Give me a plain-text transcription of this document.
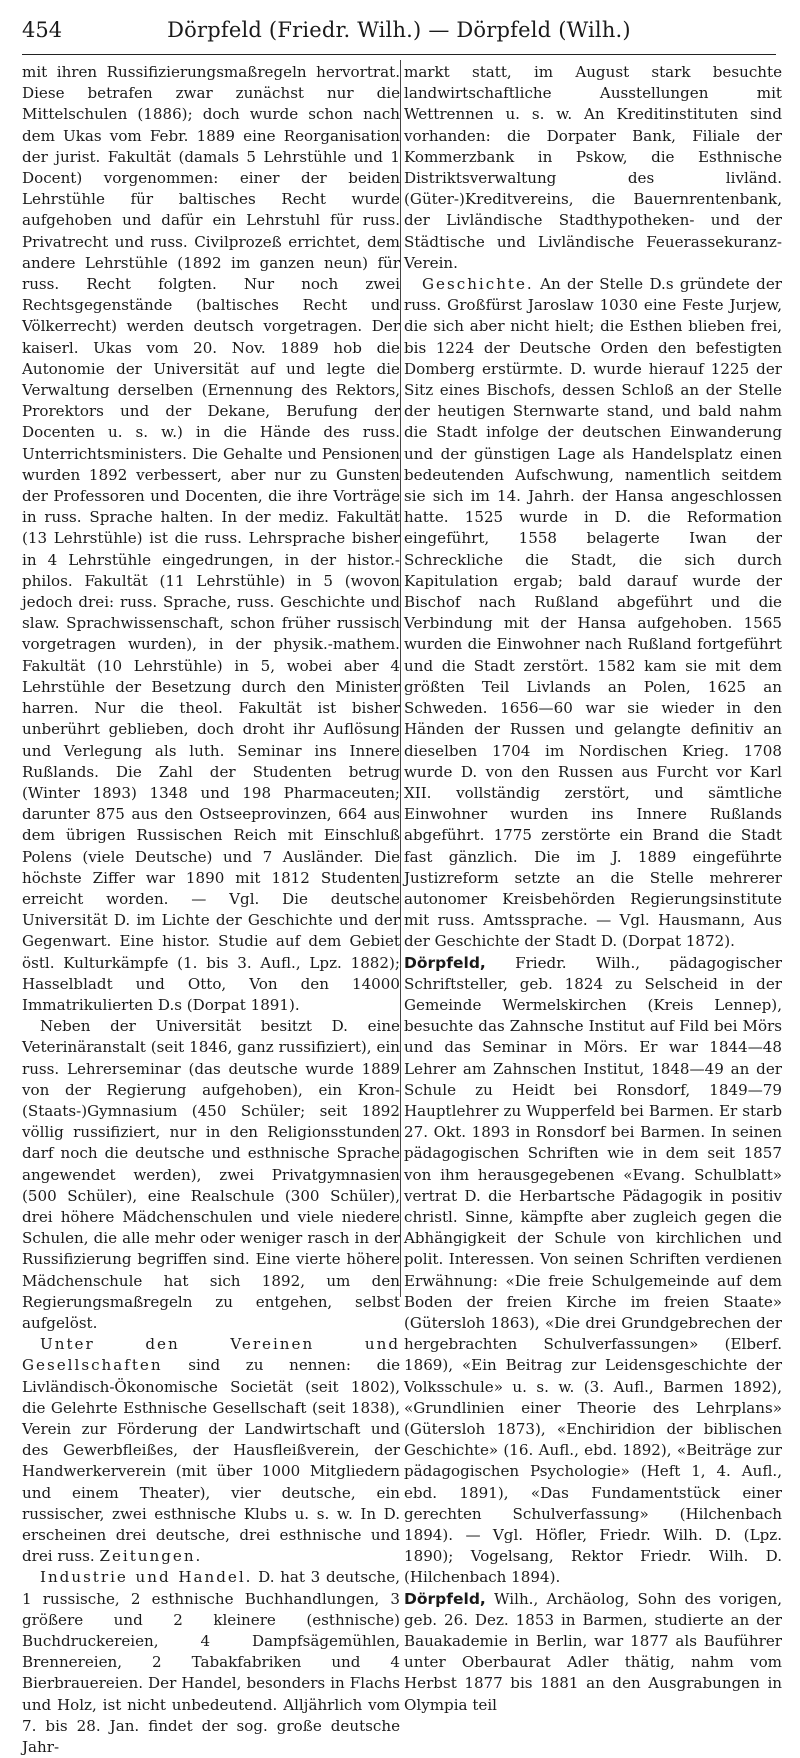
454	Dörpfeld (Friedr. Wilh.) — Dörpfeld (Wilh.)

mit ihren Russifizierungsmaßregeln hervortrat. Diese betrafen zwar zunächst nur die Mittelschulen (1886); doch wurde schon nach dem Ukas vom Febr. 1889 eine Reorganisation der jurist. Fakultät (damals 5 Lehrstühle und 1 Docent) vorgenommen: einer der beiden Lehrstühle für baltisches Recht wurde aufgehoben und dafür ein Lehrstuhl für russ. Privatrecht und russ. Civilprozeß errichtet, dem andere Lehrstühle (1892 im ganzen neun) für russ. Recht folgten. Nur noch zwei Rechtsgegenstände (baltisches Recht und Völkerrecht) werden deutsch vorgetragen. Der kaiserl. Ukas vom 20. Nov. 1889 hob die Autonomie der Universität auf und legte die Verwaltung derselben (Ernennung des Rektors, Prorektors und der Dekane, Berufung der Docenten u. s. w.) in die Hände des russ. Unterrichtsministers. Die Gehalte und Pensionen wurden 1892 verbessert, aber nur zu Gunsten der Professoren und Docenten, die ihre Vorträge in russ. Sprache halten. In der mediz. Fakultät (13 Lehrstühle) ist die russ. Lehrsprache bisher in 4 Lehrstühle eingedrungen, in der histor.-philos. Fakultät (11 Lehrstühle) in 5 (wovon jedoch drei: russ. Sprache, russ. Geschichte und slaw. Sprachwissenschaft, schon früher russisch vorgetragen wurden), in der physik.-mathem. Fakultät (10 Lehrstühle) in 5, wobei aber 4 Lehrstühle der Besetzung durch den Minister harren. Nur die theol. Fakultät ist bisher unberührt geblieben, doch droht ihr Auflösung und Verlegung als luth. Seminar ins Innere Rußlands. Die Zahl der Studenten betrug (Winter 1893) 1348 und 198 Pharmaceuten; darunter 875 aus den Ostseeprovinzen, 664 aus dem übrigen Russischen Reich mit Einschluß Polens (viele Deutsche) und 7 Ausländer. Die höchste Ziffer war 1890 mit 1812 Studenten erreicht worden. — Vgl. Die deutsche Universität D. im Lichte der Geschichte und der Gegenwart. Eine histor. Studie auf dem Gebiet östl. Kulturkämpfe (1. bis 3. Aufl., Lpz. 1882); Hasselbladt und Otto, Von den 14000 Immatrikulierten D.s (Dorpat 1891).

Neben der Universität besitzt D. eine Veterinäranstalt (seit 1846, ganz russifiziert), ein russ. Lehrerseminar (das deutsche wurde 1889 von der Regierung aufgehoben), ein Kron-(Staats-)Gymnasium (450 Schüler; seit 1892 völlig russifiziert, nur in den Religionsstunden darf noch die deutsche und esthnische Sprache angewendet werden), zwei Privatgymnasien (500 Schüler), eine Realschule (300 Schüler), drei höhere Mädchenschulen und viele niedere Schulen, die alle mehr oder weniger rasch in der Russifizierung begriffen sind. Eine vierte höhere Mädchenschule hat sich 1892, um den Regierungsmaßregeln zu entgehen, selbst aufgelöst.

Unter den Vereinen und Gesellschaften sind zu nennen: die Livländisch-Ökonomische Societät (seit 1802), die Gelehrte Esthnische Gesellschaft (seit 1838), Verein zur Förderung der Landwirtschaft und des Gewerbfleißes, der Hausfleißverein, der Handwerkerverein (mit über 1000 Mitgliedern und einem Theater), vier deutsche, ein russischer, zwei esthnische Klubs u. s. w. In D. erscheinen drei deutsche, drei esthnische und drei russ. Zeitungen.

Industrie und Handel. D. hat 3 deutsche, 1 russische, 2 esthnische Buchhandlungen, 3 größere und 2 kleinere (esthnische) Buchdruckereien, 4 Dampfsägemühlen, Brennereien, 2 Tabakfabriken und 4 Bierbrauereien. Der Handel, besonders in Flachs und Holz, ist nicht unbedeutend. Alljährlich vom 7. bis 28. Jan. findet der sog. große deutsche Jahr-

markt statt, im August stark besuchte landwirtschaftliche Ausstellungen mit Wettrennen u. s. w. An Kreditinstituten sind vorhanden: die Dorpater Bank, Filiale der Kommerzbank in Pskow, die Esthnische Distriktsverwaltung des livländ. (Güter-)Kreditvereins, die Bauernrentenbank, der Livländische Stadthypotheken- und der Städtische und Livländische Feuerassekuranz-Verein.

Geschichte. An der Stelle D.s gründete der russ. Großfürst Jaroslaw 1030 eine Feste Jurjew, die sich aber nicht hielt; die Esthen blieben frei, bis 1224 der Deutsche Orden den befestigten Domberg erstürmte. D. wurde hierauf 1225 der Sitz eines Bischofs, dessen Schloß an der Stelle der heutigen Sternwarte stand, und bald nahm die Stadt infolge der deutschen Einwanderung und der günstigen Lage als Handelsplatz einen bedeutenden Aufschwung, namentlich seitdem sie sich im 14. Jahrh. der Hansa angeschlossen hatte. 1525 wurde in D. die Reformation eingeführt, 1558 belagerte Iwan der Schreckliche die Stadt, die sich durch Kapitulation ergab; bald darauf wurde der Bischof nach Rußland abgeführt und die Verbindung mit der Hansa aufgehoben. 1565 wurden die Einwohner nach Rußland fortgeführt und die Stadt zerstört. 1582 kam sie mit dem größten Teil Livlands an Polen, 1625 an Schweden. 1656—60 war sie wieder in den Händen der Russen und gelangte definitiv an dieselben 1704 im Nordischen Krieg. 1708 wurde D. von den Russen aus Furcht vor Karl XII. vollständig zerstört, und sämtliche Einwohner wurden ins Innere Rußlands abgeführt. 1775 zerstörte ein Brand die Stadt fast gänzlich. Die im J. 1889 eingeführte Justizreform setzte an die Stelle mehrerer autonomer Kreisbehörden Regierungsinstitute mit russ. Amtssprache. — Vgl. Hausmann, Aus der Geschichte der Stadt D. (Dorpat 1872).

Dörpfeld, Friedr. Wilh., pädagogischer Schriftsteller, geb. 1824 zu Selscheid in der Gemeinde Wermelskirchen (Kreis Lennep), besuchte das Zahnsche Institut auf Fild bei Mörs und das Seminar in Mörs. Er war 1844—48 Lehrer am Zahnschen Institut, 1848—49 an der Schule zu Heidt bei Ronsdorf, 1849—79 Hauptlehrer zu Wupperfeld bei Barmen. Er starb 27. Okt. 1893 in Ronsdorf bei Barmen. In seinen pädagogischen Schriften wie in dem seit 1857 von ihm herausgegebenen «Evang. Schulblatt» vertrat D. die Herbartsche Pädagogik in positiv christl. Sinne, kämpfte aber zugleich gegen die Abhängigkeit der Schule von kirchlichen und polit. Interessen. Von seinen Schriften verdienen Erwähnung: «Die freie Schulgemeinde auf dem Boden der freien Kirche im freien Staate» (Gütersloh 1863), «Die drei Grundgebrechen der hergebrachten Schulverfassungen» (Elberf. 1869), «Ein Beitrag zur Leidensgeschichte der Volksschule» u. s. w. (3. Aufl., Barmen 1892), «Grundlinien einer Theorie des Lehrplans» (Gütersloh 1873), «Enchiridion der biblischen Geschichte» (16. Aufl., ebd. 1892), «Beiträge zur pädagogischen Psychologie» (Heft 1, 4. Aufl., ebd. 1891), «Das Fundamentstück einer gerechten Schulverfassung» (Hilchenbach 1894). — Vgl. Höfler, Friedr. Wilh. D. (Lpz. 1890); Vogelsang, Rektor Friedr. Wilh. D. (Hilchenbach 1894).

Dörpfeld, Wilh., Archäolog, Sohn des vorigen, geb. 26. Dez. 1853 in Barmen, studierte an der Bauakademie in Berlin, war 1877 als Bauführer unter Oberbaurat Adler thätig, nahm vom Herbst 1877 bis 1881 an den Ausgrabungen in Olympia teil
